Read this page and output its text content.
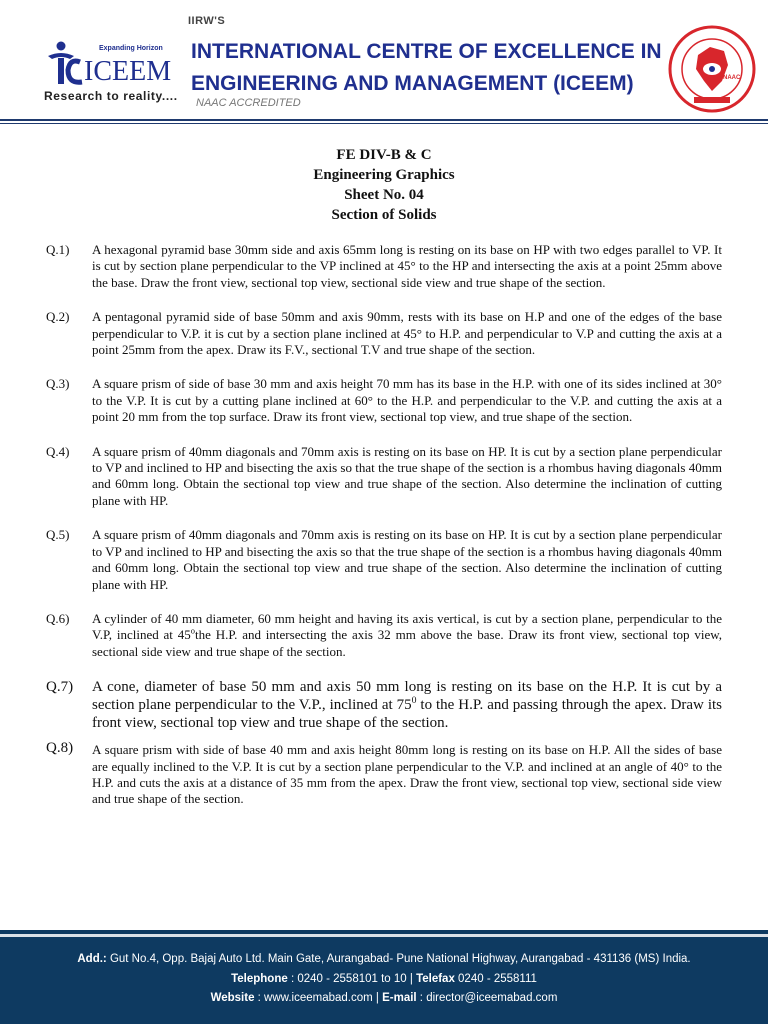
Expanding Horizon
ICEEM
Research to reality....
IIRW'S
INTERNATIONAL CENTRE OF EXCELLENCE IN
ENGINEERING AND MANAGEMENT (ICEEM)
NAAC ACCREDITED
NAAC
FE DIV-B & C
Engineering Graphics
Sheet No. 04
Section of Solids
Q.1) A hexagonal pyramid base 30mm side and axis 65mm long is resting on its base on HP with two edges parallel to VP. It is cut by section plane perpendicular to the VP inclined at 45° to the HP and intersecting the axis at a point 25mm above the base. Draw the front view, sectional top view, sectional side view and true shape of the section.
Q.2) A pentagonal pyramid side of base 50mm and axis 90mm, rests with its base on H.P and one of the edges of the base perpendicular to V.P. it is cut by a section plane inclined at 45° to H.P. and perpendicular to V.P and cutting the axis at a point 25mm from the apex. Draw its F.V., sectional T.V and true shape of the section.
Q.3) A square prism of side of base 30 mm and axis height 70 mm has its base in the H.P. with one of its sides inclined at 30° to the V.P. It is cut by a cutting plane inclined at 60° to the H.P. and perpendicular to the V.P. and cutting the axis at a point 20 mm from the top surface. Draw its front view, sectional top view, and true shape of the section.
Q.4) A square prism of 40mm diagonals and 70mm axis is resting on its base on HP. It is cut by a section plane perpendicular to VP and inclined to HP and bisecting the axis so that the true shape of the section is a rhombus having diagonals 40mm and 60mm long. Obtain the sectional top view and true shape of the section. Also determine the inclination of cutting plane with HP.
Q.5) A square prism of 40mm diagonals and 70mm axis is resting on its base on HP. It is cut by a section plane perpendicular to VP and inclined to HP and bisecting the axis so that the true shape of the section is a rhombus having diagonals 40mm and 60mm long. Obtain the sectional top view and true shape of the section. Also determine the inclination of cutting plane with HP.
Q.6) A cylinder of 40 mm diameter, 60 mm height and having its axis vertical, is cut by a section plane, perpendicular to the V.P, inclined at 45$^o$the H.P. and intersecting the axis 32 mm above the base. Draw its front view, sectional top view, sectional side view and true shape of the section.
Q.7) A cone, diameter of base 50 mm and axis 50 mm long is resting on its base on the H.P. It is cut by a section plane perpendicular to the V.P., inclined at $75^0$ to the H.P. and passing through the apex. Draw its front view, sectional top view and true shape of the section.
Q.8) A square prism with side of base 40 mm and axis height 80mm long is resting on its base on H.P. All the sides of base are equally inclined to the V.P. It is cut by a section plane perpendicular to the V.P. and inclined at an angle of 40° to the H.P. and cuts the axis at a distance of 35 mm from the apex. Draw the front view, sectional top view, sectional side view and true shape of the section.
Add.: Gut No.4, Opp. Bajaj Auto Ltd. Main Gate, Aurangabad- Pune National Highway, Aurangabad - 431136 (MS) India.
Telephone : 0240 - 2558101 to 10 | Telefax 0240 - 2558111
Website : www.iceemabad.com | E-mail : director@iceemabad.com
